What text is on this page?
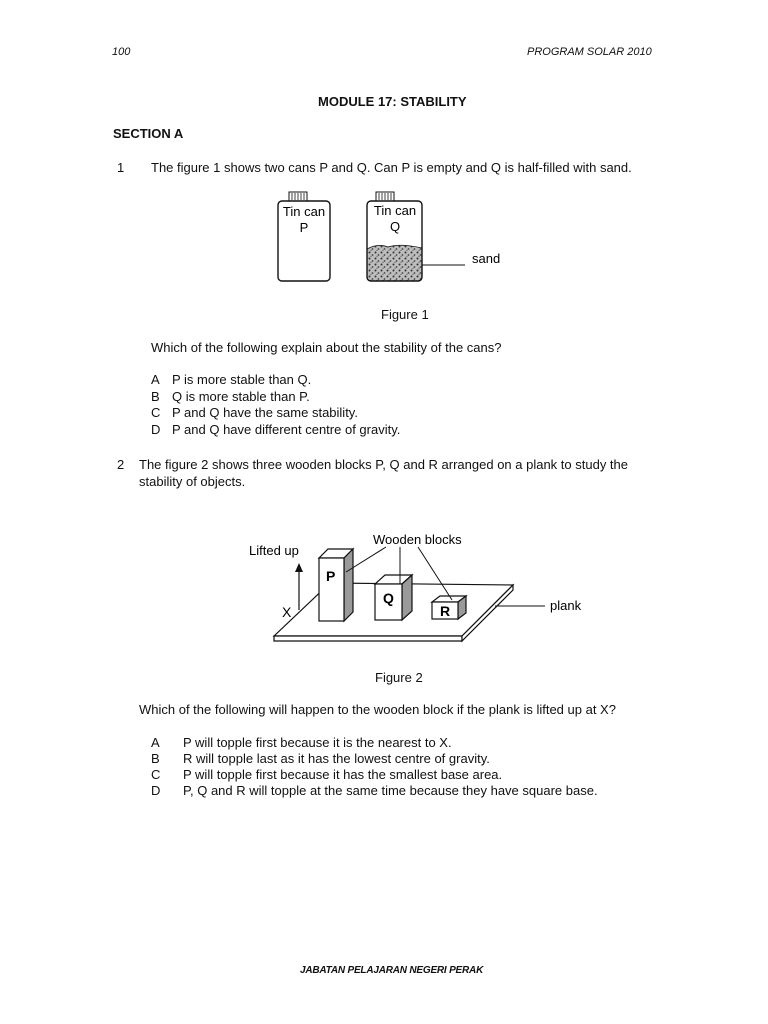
100	PROGRAM SOLAR 2010
MODULE 17: STABILITY
SECTION A
1 The figure 1 shows two cans P and Q. Can P is empty and Q is half-filled with sand.
Tin can
P
Tin can
Q
sand
Figure 1
Which of the following explain about the stability of the cans?
A P is more stable than Q.
B Q is more stable than P.
C P and Q have the same stability.
D P and Q have different centre of gravity.
2 The figure 2 shows three wooden blocks P, Q and R arranged on a plank to study the
stability of objects.
Lifted up
X
P
Q
R
Wooden blocks
plank
Figure 2
Which of the following will happen to the wooden block if the plank is lifted up at X?
A P will topple first because it is the nearest to X.
B R will topple last as it has the lowest centre of gravity.
C P will topple first because it has the smallest base area.
D P, Q and R will topple at the same time because they have square base.
JABATAN PELAJARAN NEGERI PERAK
